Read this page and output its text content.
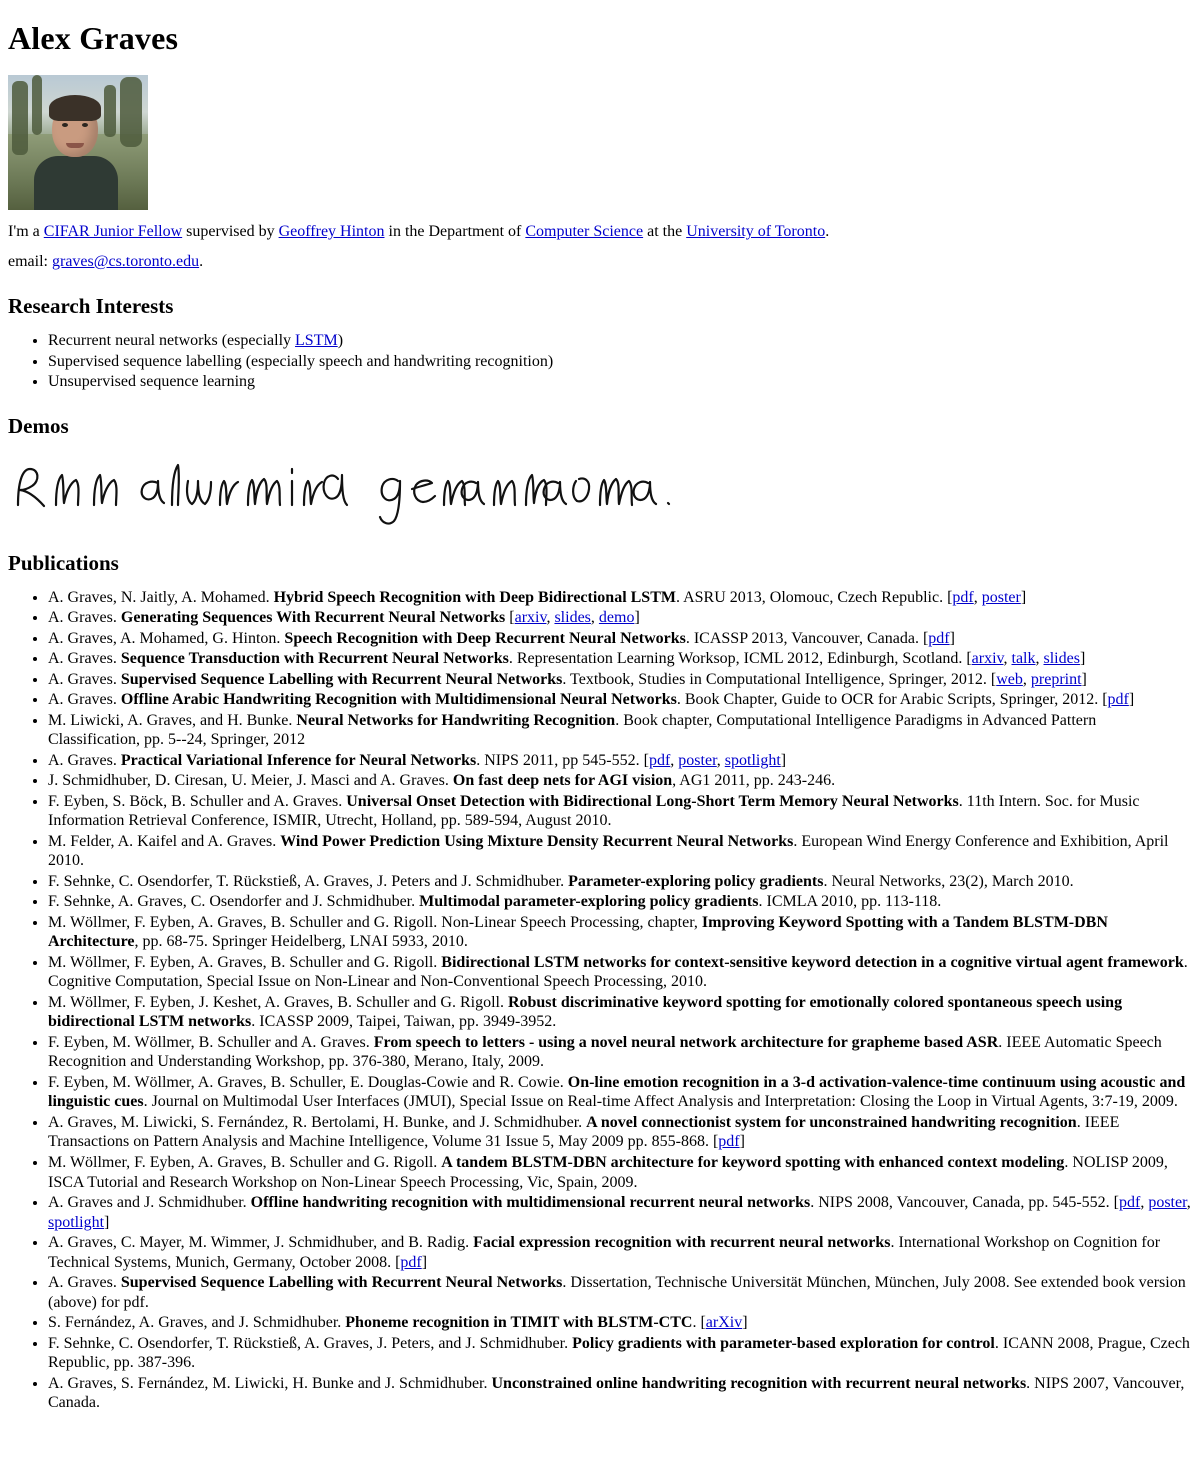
Alex Graves

I'm a CIFAR Junior Fellow supervised by Geoffrey Hinton in the Department of Computer Science at the University of Toronto.

email: graves@cs.toronto.edu.

Research Interests
• Recurrent neural networks (especially LSTM)
• Supervised sequence labelling (especially speech and handwriting recognition)
• Unsupervised sequence learning
Demos
Publications
• A. Graves, N. Jaitly, A. Mohamed. Hybrid Speech Recognition with Deep Bidirectional LSTM. ASRU 2013, Olomouc, Czech Republic. [pdf, poster]
• A. Graves. Generating Sequences With Recurrent Neural Networks [arxiv, slides, demo]
• A. Graves, A. Mohamed, G. Hinton. Speech Recognition with Deep Recurrent Neural Networks. ICASSP 2013, Vancouver, Canada. [pdf]
• A. Graves. Sequence Transduction with Recurrent Neural Networks. Representation Learning Worksop, ICML 2012, Edinburgh, Scotland. [arxiv, talk, slides]
• A. Graves. Supervised Sequence Labelling with Recurrent Neural Networks. Textbook, Studies in Computational Intelligence, Springer, 2012. [web, preprint]
• A. Graves. Offline Arabic Handwriting Recognition with Multidimensional Neural Networks. Book Chapter, Guide to OCR for Arabic Scripts, Springer, 2012. [pdf]
• M. Liwicki, A. Graves, and H. Bunke. Neural Networks for Handwriting Recognition. Book chapter, Computational Intelligence Paradigms in Advanced Pattern Classification, pp. 5--24, Springer, 2012
• A. Graves. Practical Variational Inference for Neural Networks. NIPS 2011, pp 545-552. [pdf, poster, spotlight]
• J. Schmidhuber, D. Ciresan, U. Meier, J. Masci and A. Graves. On fast deep nets for AGI vision, AG1 2011, pp. 243-246.
• F. Eyben, S. Böck, B. Schuller and A. Graves. Universal Onset Detection with Bidirectional Long-Short Term Memory Neural Networks. 11th Intern. Soc. for Music Information Retrieval Conference, ISMIR, Utrecht, Holland, pp. 589-594, August 2010.
• M. Felder, A. Kaifel and A. Graves. Wind Power Prediction Using Mixture Density Recurrent Neural Networks. European Wind Energy Conference and Exhibition, April 2010.
• F. Sehnke, C. Osendorfer, T. Rückstieß, A. Graves, J. Peters and J. Schmidhuber. Parameter-exploring policy gradients. Neural Networks, 23(2), March 2010.
• F. Sehnke, A. Graves, C. Osendorfer and J. Schmidhuber. Multimodal parameter-exploring policy gradients. ICMLA 2010, pp. 113-118.
• M. Wöllmer, F. Eyben, A. Graves, B. Schuller and G. Rigoll. Non-Linear Speech Processing, chapter, Improving Keyword Spotting with a Tandem BLSTM-DBN Architecture, pp. 68-75. Springer Heidelberg, LNAI 5933, 2010.
• M. Wöllmer, F. Eyben, A. Graves, B. Schuller and G. Rigoll. Bidirectional LSTM networks for context-sensitive keyword detection in a cognitive virtual agent framework. Cognitive Computation, Special Issue on Non-Linear and Non-Conventional Speech Processing, 2010.
• M. Wöllmer, F. Eyben, J. Keshet, A. Graves, B. Schuller and G. Rigoll. Robust discriminative keyword spotting for emotionally colored spontaneous speech using bidirectional LSTM networks. ICASSP 2009, Taipei, Taiwan, pp. 3949-3952.
• F. Eyben, M. Wöllmer, B. Schuller and A. Graves. From speech to letters - using a novel neural network architecture for grapheme based ASR. IEEE Automatic Speech Recognition and Understanding Workshop, pp. 376-380, Merano, Italy, 2009.
• F. Eyben, M. Wöllmer, A. Graves, B. Schuller, E. Douglas-Cowie and R. Cowie. On-line emotion recognition in a 3-d activation-valence-time continuum using acoustic and linguistic cues. Journal on Multimodal User Interfaces (JMUI), Special Issue on Real-time Affect Analysis and Interpretation: Closing the Loop in Virtual Agents, 3:7-19, 2009.
• A. Graves, M. Liwicki, S. Fernández, R. Bertolami, H. Bunke, and J. Schmidhuber. A novel connectionist system for unconstrained handwriting recognition. IEEE Transactions on Pattern Analysis and Machine Intelligence, Volume 31 Issue 5, May 2009 pp. 855-868. [pdf]
• M. Wöllmer, F. Eyben, A. Graves, B. Schuller and G. Rigoll. A tandem BLSTM-DBN architecture for keyword spotting with enhanced context modeling. NOLISP 2009, ISCA Tutorial and Research Workshop on Non-Linear Speech Processing, Vic, Spain, 2009.
• A. Graves and J. Schmidhuber. Offline handwriting recognition with multidimensional recurrent neural networks. NIPS 2008, Vancouver, Canada, pp. 545-552. [pdf, poster, spotlight]
• A. Graves, C. Mayer, M. Wimmer, J. Schmidhuber, and B. Radig. Facial expression recognition with recurrent neural networks. International Workshop on Cognition for Technical Systems, Munich, Germany, October 2008. [pdf]
• A. Graves. Supervised Sequence Labelling with Recurrent Neural Networks. Dissertation, Technische Universität München, München, July 2008. See extended book version (above) for pdf.
• S. Fernández, A. Graves, and J. Schmidhuber. Phoneme recognition in TIMIT with BLSTM-CTC. [arXiv]
• F. Sehnke, C. Osendorfer, T. Rückstieß, A. Graves, J. Peters, and J. Schmidhuber. Policy gradients with parameter-based exploration for control. ICANN 2008, Prague, Czech Republic, pp. 387-396.
• A. Graves, S. Fernández, M. Liwicki, H. Bunke and J. Schmidhuber. Unconstrained online handwriting recognition with recurrent neural networks. NIPS 2007, Vancouver, Canada.
